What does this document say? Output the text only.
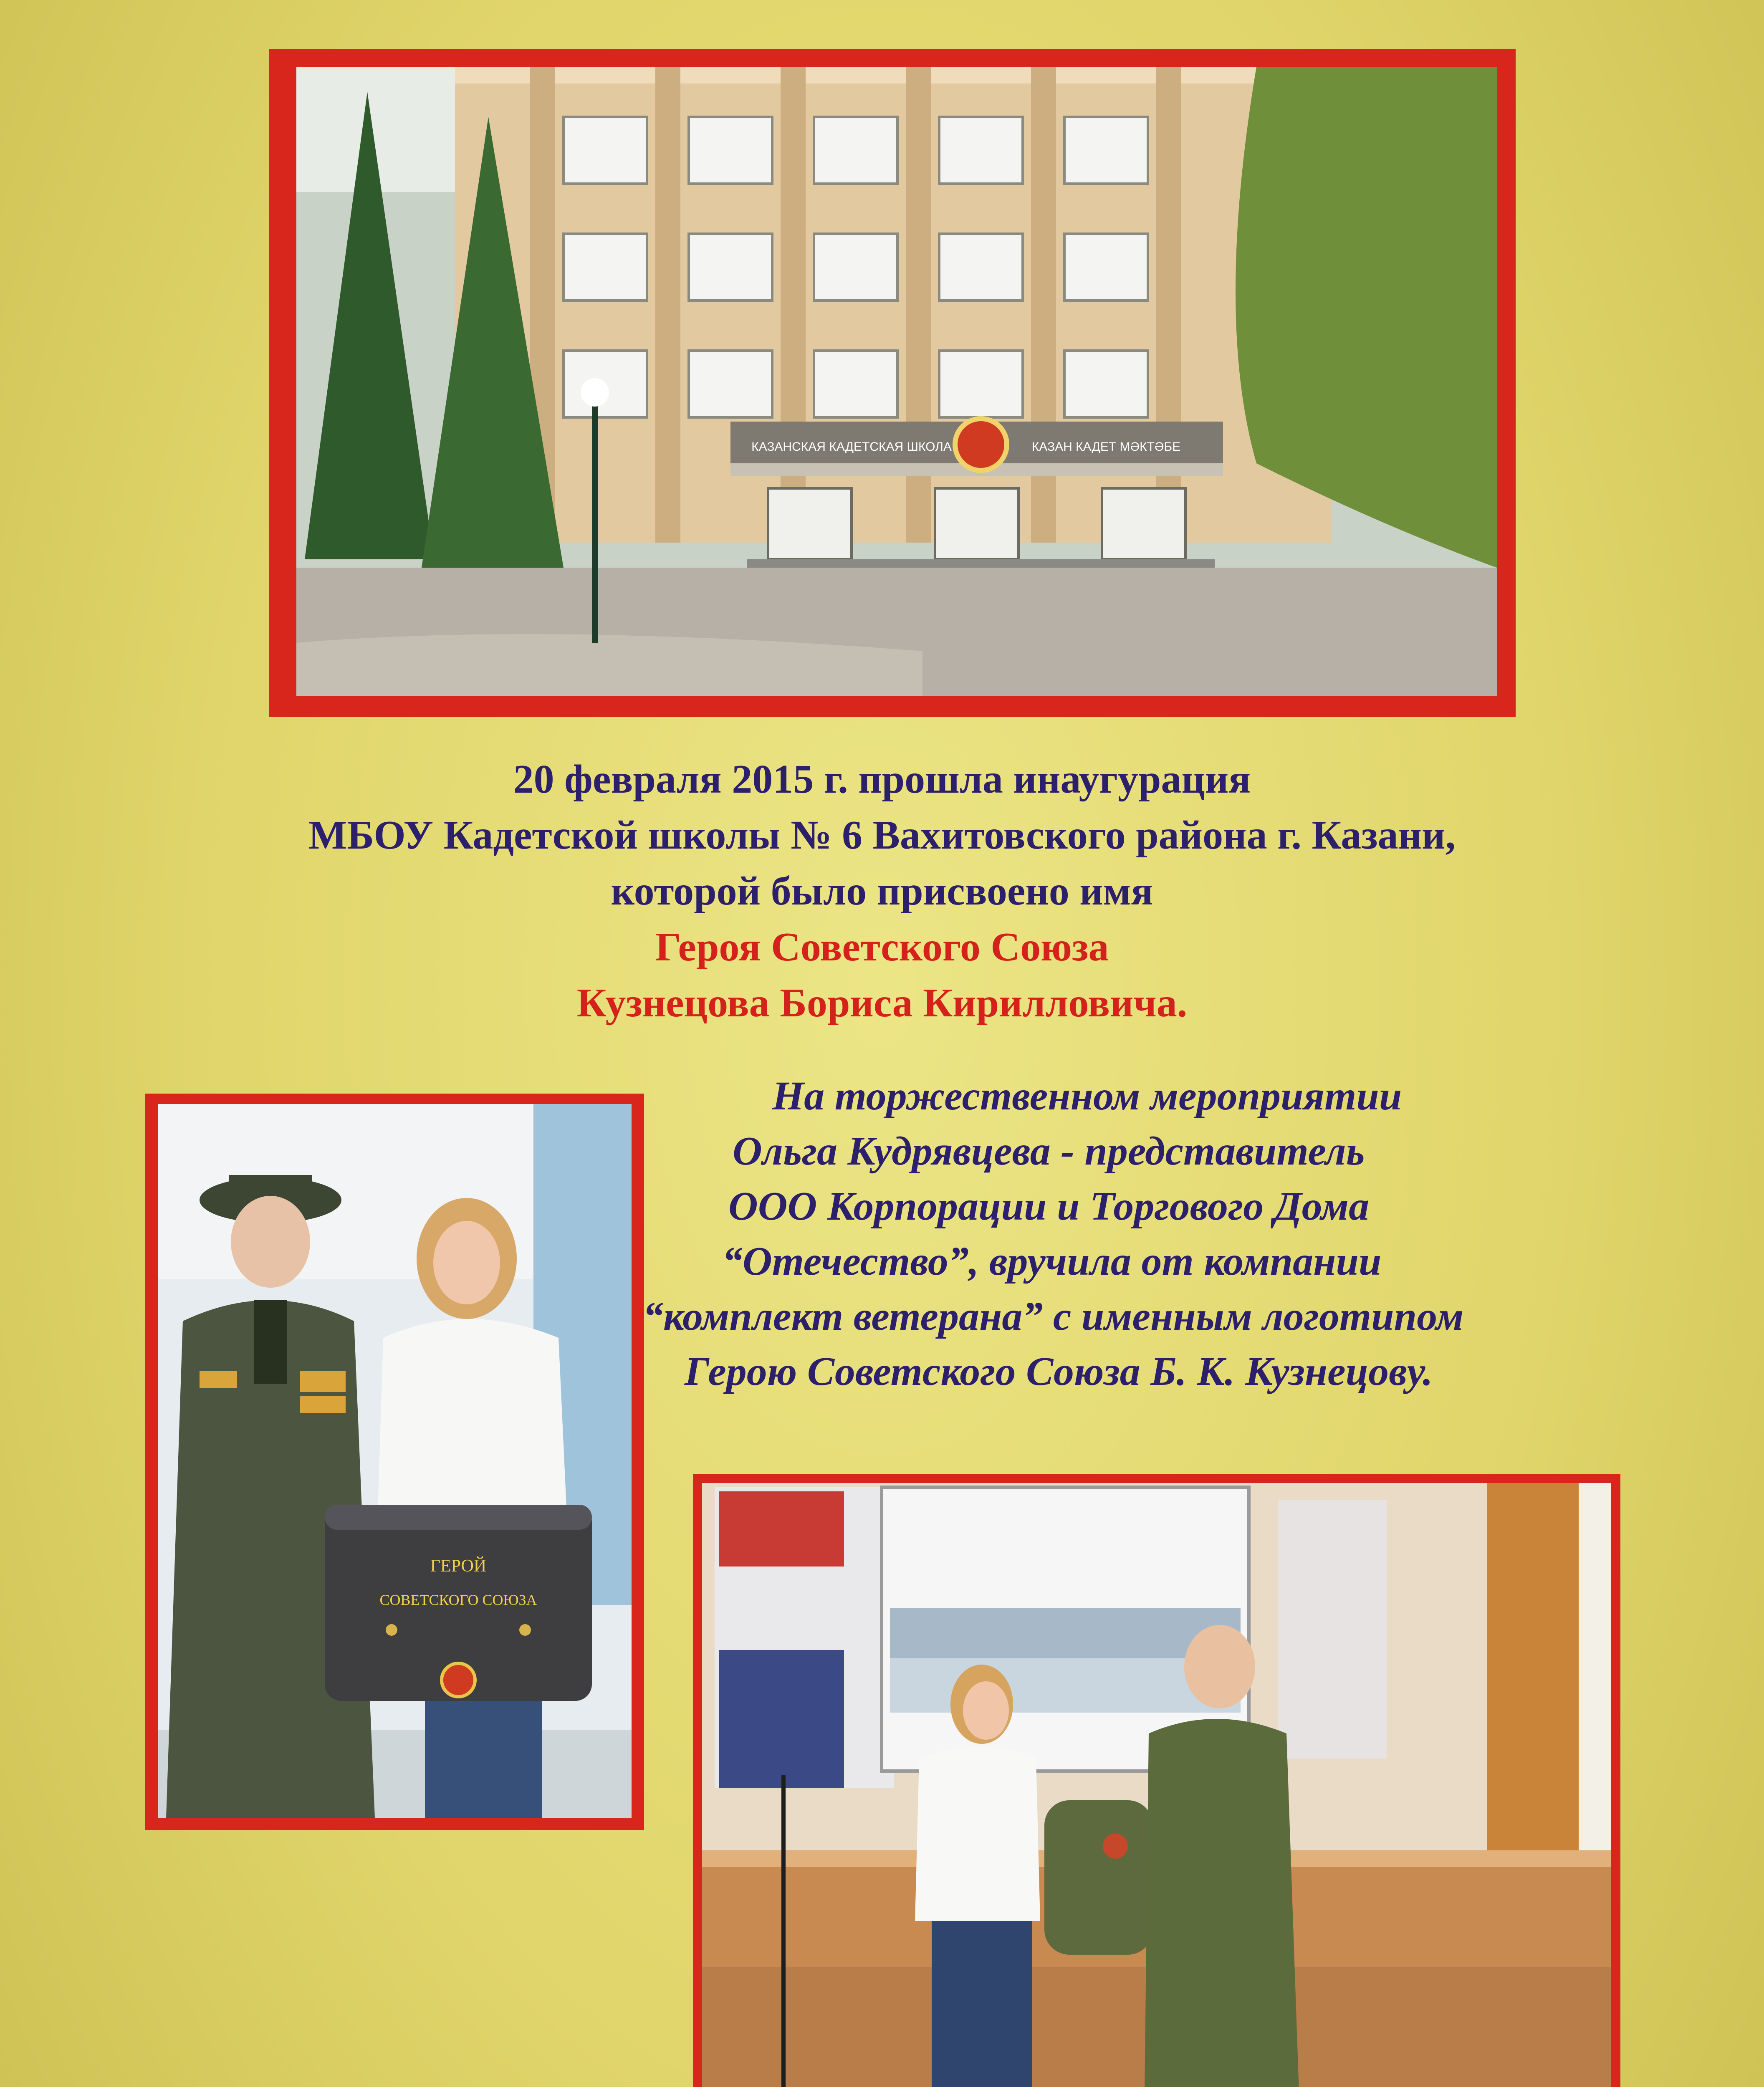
КАЗАНСКАЯ КАДЕТСКАЯ ШКОЛА	КАЗАН КАДЕТ МӘКТӘБЕ
20 февраля 2015 г. прошла инаугурация
МБОУ Кадетской школы № 6 Вахитовского района г. Казани,
которой было присвоено имя
Героя Советского Союза
Кузнецова Бориса Кирилловича.
ГЕРОЙ
СОВЕТСКОГО СОЮЗА
На торжественном мероприятии
Ольга Кудрявцева - представитель
ООО Корпорации и Торгового Дома
“Отечество”, вручила от компании
“комплект ветерана” с именным логотипом
Герою Советского Союза Б. К. Кузнецову.
